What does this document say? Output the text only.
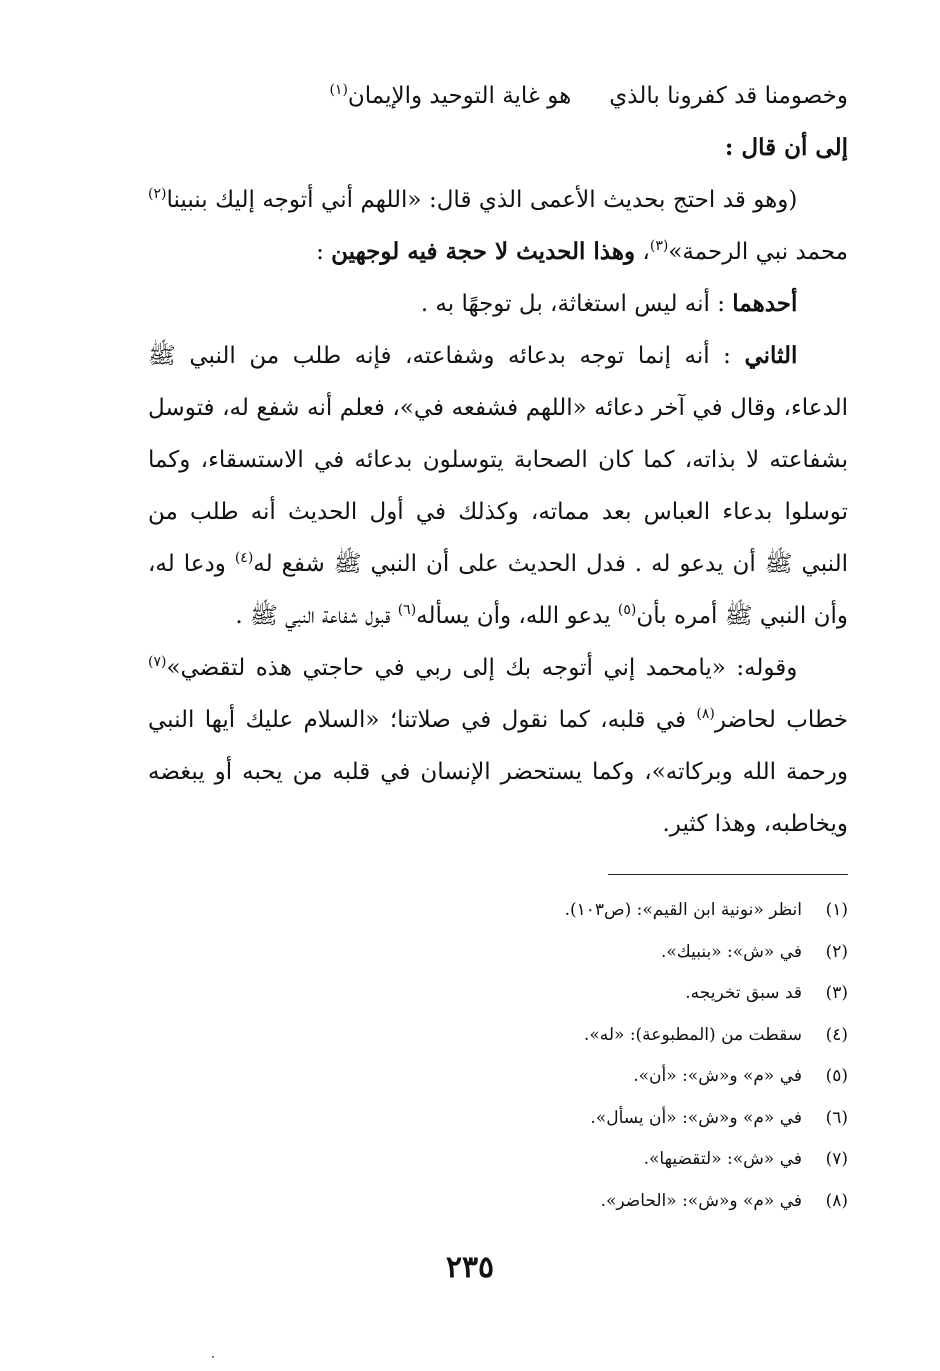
وخصومنا قد كفرونا بالذيهو غاية التوحيد والإيمان$^{(١)}$

إلى أن قال :

(وهو قد احتج بحديث الأعمى الذي قال: «اللهم أني أتوجه إليك بنبينا$^{(٢)}$ محمد نبي الرحمة»$^{(٣)}$، وهذا الحديث لا حجة فيه لوجهين :

أحدهما : أنه ليس استغاثة، بل توجهًا به .

الثاني : أنه إنما توجه بدعائه وشفاعته، فإنه طلب من النبي ﷺ الدعاء، وقال في آخر دعائه «اللهم فشفعه في»، فعلم أنه شفع له، فتوسل بشفاعته لا بذاته، كما كان الصحابة يتوسلون بدعائه في الاستسقاء، وكما توسلوا بدعاء العباس بعد مماته، وكذلك في أول الحديث أنه طلب من النبي ﷺ أن يدعو له . فدل الحديث على أن النبي ﷺ شفع له$^{(٤)}$ ودعا له، وأن النبي ﷺ أمره بأن$^{(٥)}$ يدعو الله، وأن يسأله$^{(٦)}$ قبول شفاعة النبي ﷺ .

وقوله: «يامحمد إني أتوجه بك إلى ربي في حاجتي هذه لتقضي»$^{(٧)}$ خطاب لحاضر$^{(٨)}$ في قلبه، كما نقول في صلاتنا؛ «السلام عليك أيها النبي ورحمة الله وبركاته»، وكما يستحضر الإنسان في قلبه من يحبه أو يبغضه ويخاطبه، وهذا كثير.

(١)
انظر «نونية ابن القيم»: (ص١٠٣).
(٢)
في «ش»: «بنبيك».
(٣)
قد سبق تخريجه.
(٤)
سقطت من (المطبوعة): «له».
(٥)
في «م» و«ش»: «أن».
(٦)
في «م» و«ش»: «أن يسأل».
(٧)
في «ش»: «لتقضيها».
(٨)
في «م» و«ش»: «الحاضر».
٢٣٥
